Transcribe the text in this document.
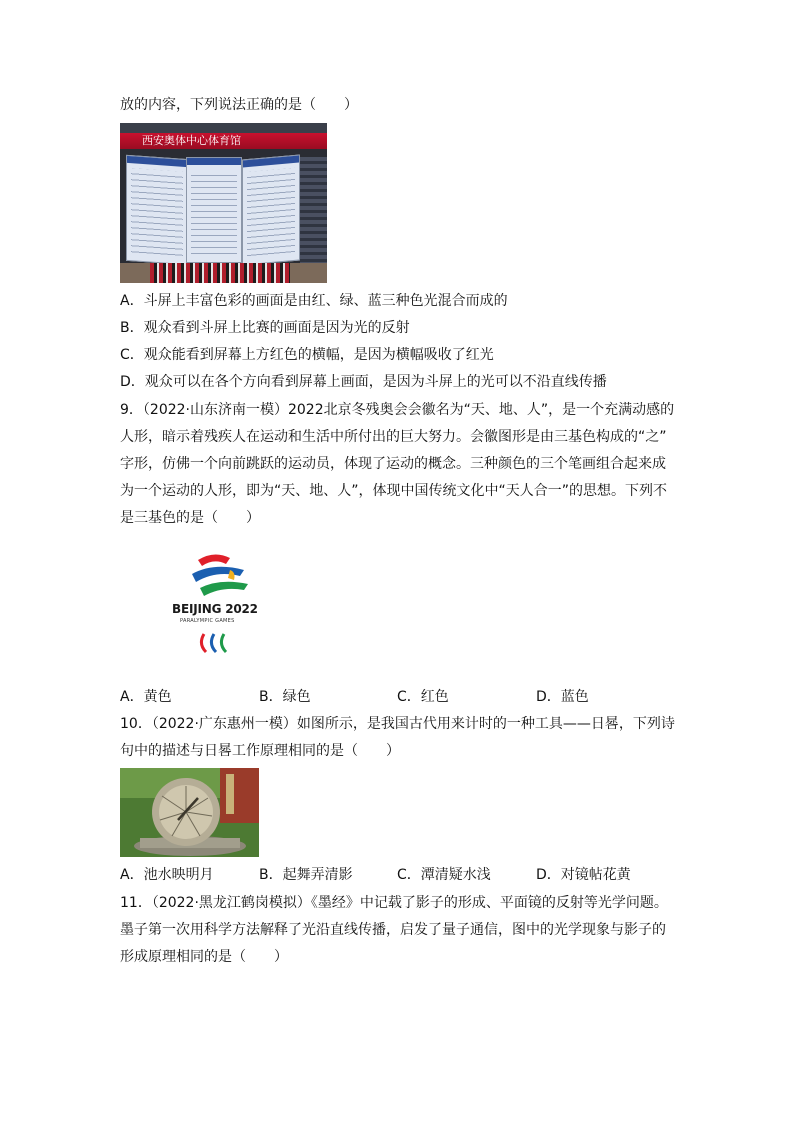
放的内容，下列说法正确的是（　　）
西安奥体中心体育馆
A．斗屏上丰富色彩的画面是由红、绿、蓝三种色光混合而成的
B．观众看到斗屏上比赛的画面是因为光的反射
C．观众能看到屏幕上方红色的横幅，是因为横幅吸收了红光
D．观众可以在各个方向看到屏幕上画面，是因为斗屏上的光可以不沿直线传播
9．（2022·山东济南一模）2022北京冬残奥会会徽名为“天、地、人”，是一个充满动感的
人形，暗示着残疾人在运动和生活中所付出的巨大努力。会徽图形是由三基色构成的“之”
字形，仿佛一个向前跳跃的运动员，体现了运动的概念。三种颜色的三个笔画组合起来成
为一个运动的人形，即为“天、地、人”，体现中国传统文化中“天人合一”的思想。下列不
是三基色的是（　　）
BEIJING 2022
PARALYMPIC GAMES
A．黄色	B．绿色	C．红色	D．蓝色
10．（2022·广东惠州一模）如图所示，是我国古代用来计时的一种工具——日晷，下列诗
句中的描述与日晷工作原理相同的是（　　）
A．池水映明月	B．起舞弄清影	C．潭清疑水浅	D．对镜帖花黄
11．（2022·黑龙江鹤岗模拟）《墨经》中记载了影子的形成、平面镜的反射等光学问题。
墨子第一次用科学方法解释了光沿直线传播，启发了量子通信，图中的光学现象与影子的
形成原理相同的是（　　）
